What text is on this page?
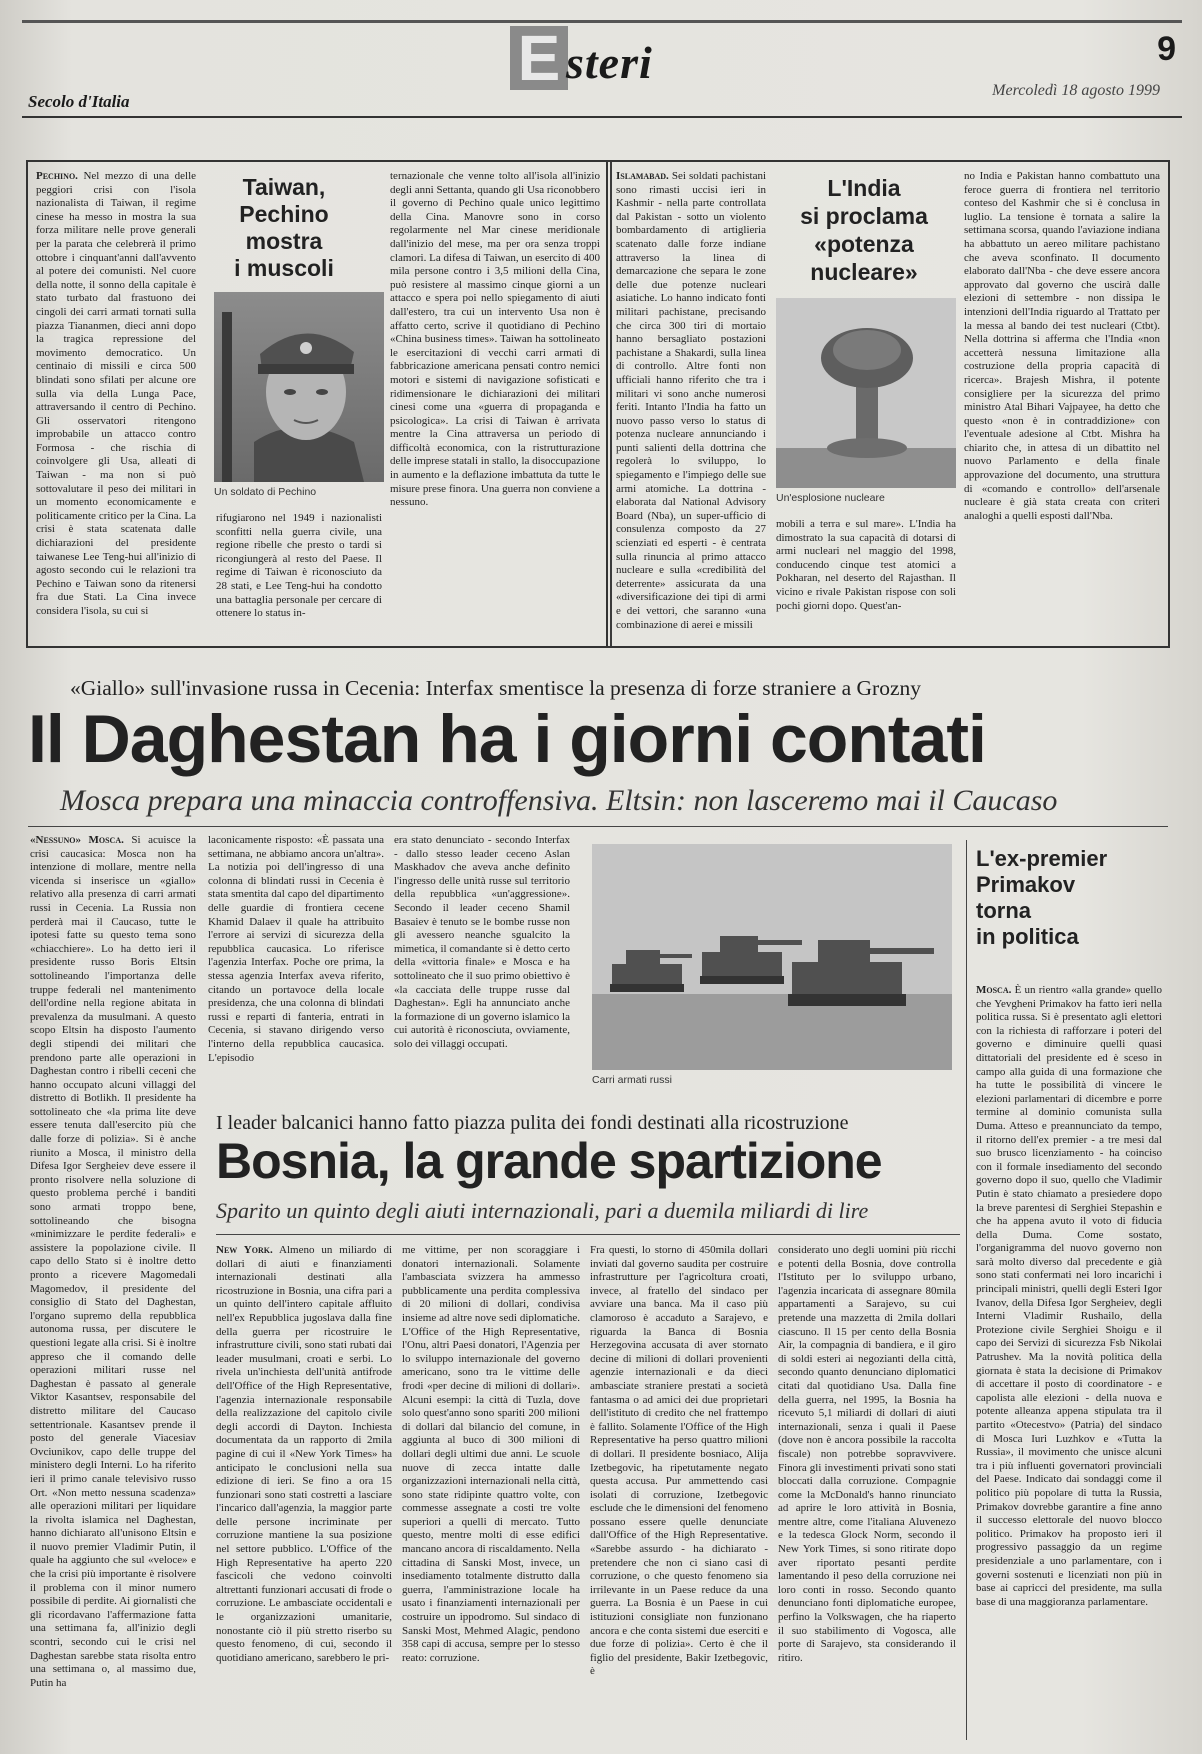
E steri	9
Secolo d'Italia
Mercoledì 18 agosto 1999

Pechino. Nel mezzo di una delle peggiori crisi con l'isola nazionalista di Taiwan, il regime cinese ha messo in mostra la sua forza militare nelle prove generali per la parata che celebrerà il primo ottobre i cinquant'anni dall'avvento al potere dei comunisti. Nel cuore della notte, il sonno della capitale è stato turbato dal frastuono dei cingoli dei carri armati tornati sulla piazza Tiananmen, dieci anni dopo la tragica repressione del movimento democratico. Un centinaio di missili e circa 500 blindati sono sfilati per alcune ore sulla via della Lunga Pace, attraversando il centro di Pechino. Gli osservatori ritengono improbabile un attacco contro Formosa - che rischia di coinvolgere gli Usa, alleati di Taiwan - ma non si può sottovalutare il peso dei militari in un momento economicamente e politicamente critico per la Cina. La crisi è stata scatenata dalle dichiarazioni del presidente taiwanese Lee Teng-hui all'inizio di agosto secondo cui le relazioni tra Pechino e Taiwan sono da ritenersi fra due Stati. La Cina invece considera l'isola, su cui si

Taiwan,
Pechino
mostra
i muscoli
Un soldato di Pechino

rifugiarono nel 1949 i nazionalisti sconfitti nella guerra civile, una regione ribelle che presto o tardi si ricongiungerà al resto del Paese. Il regime di Taiwan è riconosciuto da 28 stati, e Lee Teng-hui ha condotto una battaglia personale per cercare di ottenere lo status in-

ternazionale che venne tolto all'isola all'inizio degli anni Settanta, quando gli Usa riconobbero il governo di Pechino quale unico legittimo della Cina. Manovre sono in corso regolarmente nel Mar cinese meridionale dall'inizio del mese, ma per ora senza troppi clamori. La difesa di Taiwan, un esercito di 400 mila persone contro i 3,5 milioni della Cina, può resistere al massimo cinque giorni a un attacco e spera poi nello spiegamento di aiuti dall'estero, tra cui un intervento Usa non è affatto certo, scrive il quotidiano di Pechino «China business times». Taiwan ha sottolineato le esercitazioni di vecchi carri armati di fabbricazione americana pensati contro nemici motori e sistemi di navigazione sofisticati e ridimensionare le dichiarazioni dei militari cinesi come una «guerra di propaganda e psicologica». La crisi di Taiwan è arrivata mentre la Cina attraversa un periodo di difficoltà economica, con la ristrutturazione delle imprese statali in stallo, la disoccupazione in aumento e la deflazione imbattuta da tutte le misure prese finora. Una guerra non conviene a nessuno.

Islamabad. Sei soldati pachistani sono rimasti uccisi ieri in Kashmir - nella parte controllata dal Pakistan - sotto un violento bombardamento di artiglieria scatenato dalle forze indiane attraverso la linea di demarcazione che separa le zone delle due potenze nucleari asiatiche. Lo hanno indicato fonti militari pachistane, precisando che circa 300 tiri di mortaio hanno bersagliato postazioni pachistane a Shakardi, sulla linea di controllo. Altre fonti non ufficiali hanno riferito che tra i militari vi sono anche numerosi feriti. Intanto l'India ha fatto un nuovo passo verso lo status di potenza nucleare annunciando i punti salienti della dottrina che regolerà lo sviluppo, lo spiegamento e l'impiego delle sue armi atomiche. La dottrina - elaborata dal National Advisory Board (Nba), un super-ufficio di consulenza composto da 27 scienziati ed esperti - è centrata sulla rinuncia al primo attacco nucleare e sulla «credibilità del deterrente» assicurata da una «diversificazione dei tipi di armi e dei vettori, che saranno «una combinazione di aerei e missili

L'India
si proclama
«potenza
nucleare»
Un'esplosione nucleare

mobili a terra e sul mare». L'India ha dimostrato la sua capacità di dotarsi di armi nucleari nel maggio del 1998, conducendo cinque test atomici a Pokharan, nel deserto del Rajasthan. Il vicino e rivale Pakistan rispose con soli pochi giorni dopo. Quest'an-

no India e Pakistan hanno combattuto una feroce guerra di frontiera nel territorio conteso del Kashmir che si è conclusa in luglio. La tensione è tornata a salire la settimana scorsa, quando l'aviazione indiana ha abbattuto un aereo militare pachistano che aveva sconfinato. Il documento elaborato dall'Nba - che deve essere ancora approvato dal governo che uscirà dalle elezioni di settembre - non dissipa le intenzioni dell'India riguardo al Trattato per la messa al bando dei test nucleari (Ctbt). Nella dottrina si afferma che l'India «non accetterà nessuna limitazione alla costruzione della propria capacità di ricerca». Brajesh Mishra, il potente consigliere per la sicurezza del primo ministro Atal Bihari Vajpayee, ha detto che questo «non è in contraddizione» con l'eventuale adesione al Ctbt. Mishra ha chiarito che, in attesa di un dibattito nel nuovo Parlamento e della finale approvazione del documento, una struttura di «comando e controllo» dell'arsenale nucleare è già stata creata con criteri analoghi a quelli esposti dall'Nba.

«Giallo» sull'invasione russa in Cecenia: Interfax smentisce la presenza di forze straniere a Grozny
Il Daghestan ha i giorni contati
Mosca prepara una minaccia controffensiva. Eltsin: non lasceremo mai il Caucaso

«Nessuno» Mosca. Si acuisce la crisi caucasica: Mosca non ha intenzione di mollare, mentre nella vicenda si inserisce un «giallo» relativo alla presenza di carri armati russi in Cecenia. La Russia non perderà mai il Caucaso, tutte le ipotesi fatte su questo tema sono «chiacchiere». Lo ha detto ieri il presidente russo Boris Eltsin sottolineando l'importanza delle truppe federali nel mantenimento dell'ordine nella regione abitata in prevalenza da musulmani. A questo scopo Eltsin ha disposto l'aumento degli stipendi dei militari che prendono parte alle operazioni in Daghestan contro i ribelli ceceni che hanno occupato alcuni villaggi del distretto di Botlikh. Il presidente ha sottolineato che «la prima lite deve essere tenuta dall'esercito più che dalle forze di polizia». Si è anche riunito a Mosca, il ministro della Difesa Igor Sergheiev deve essere il pronto risolvere nella soluzione di questo problema perché i banditi sono armati troppo bene, sottolineando che bisogna «minimizzare le perdite federali» e assistere la popolazione civile. Il capo dello Stato si è inoltre detto pronto a ricevere Magomedali Magomedov, il presidente del consiglio di Stato del Daghestan, l'organo supremo della repubblica autonoma russa, per discutere le questioni legate alla crisi. Si è inoltre appreso che il comando delle operazioni militari russe nel Daghestan è passato al generale Viktor Kasantsev, responsabile del distretto militare del Caucaso settentrionale. Kasantsev prende il posto del generale Viacesiav Ovciunikov, capo delle truppe del ministero degli Interni. Lo ha riferito ieri il primo canale televisivo russo Ort. «Non metto nessuna scadenza» alle operazioni militari per liquidare la rivolta islamica nel Daghestan, hanno dichiarato all'unisono Eltsin e il nuovo premier Vladimir Putin, il quale ha aggiunto che sul «veloce» e che la crisi più importante è risolvere il problema con il minor numero possibile di perdite. Ai giornalisti che gli ricordavano l'affermazione fatta una settimana fa, all'inizio degli scontri, secondo cui le crisi nel Daghestan sarebbe stata risolta entro una settimana o, al massimo due, Putin ha

laconicamente risposto: «È passata una settimana, ne abbiamo ancora un'altra». La notizia poi dell'ingresso di una colonna di blindati russi in Cecenia è stata smentita dal capo del dipartimento delle guardie di frontiera cecene Khamid Dalaev il quale ha attribuito l'errore ai servizi di sicurezza della repubblica caucasica. Lo riferisce l'agenzia Interfax. Poche ore prima, la stessa agenzia Interfax aveva riferito, citando un portavoce della locale presidenza, che una colonna di blindati russi e reparti di fanteria, entrati in Cecenia, si stavano dirigendo verso l'interno della repubblica caucasica. L'episodio

era stato denunciato - secondo Interfax - dallo stesso leader ceceno Aslan Maskhadov che aveva anche definito l'ingresso delle unità russe sul territorio della repubblica «un'aggressione». Secondo il leader ceceno Shamil Basaiev è tenuto se le bombe russe non gli avessero neanche sgualcito la mimetica, il comandante si è detto certo della «vittoria finale» e Mosca e ha sottolineato che il suo primo obiettivo è «la cacciata delle truppe russe dal Daghestan». Egli ha annunciato anche la formazione di un governo islamico la cui autorità è riconosciuta, ovviamente, solo dei villaggi occupati.

Carri armati russi
L'ex-premier
Primakov
torna
in politica

Mosca. È un rientro «alla grande» quello che Yevgheni Primakov ha fatto ieri nella politica russa. Si è presentato agli elettori con la richiesta di rafforzare i poteri del governo e diminuire quelli quasi dittatoriali del presidente ed è sceso in campo alla guida di una formazione che ha tutte le possibilità di vincere le elezioni parlamentari di dicembre e porre termine al dominio comunista sulla Duma. Atteso e preannunciato da tempo, il ritorno dell'ex premier - a tre mesi dal suo brusco licenziamento - ha coinciso con il formale insediamento del secondo governo dopo il suo, quello che Vladimir Putin è stato chiamato a presiedere dopo la breve parentesi di Serghiei Stepashin e che ha appena avuto il voto di fiducia della Duma. Come sostato, l'organigramma del nuovo governo non sarà molto diverso dal precedente e già sono stati confermati nei loro incarichi i principali ministri, quelli degli Esteri Igor Ivanov, della Difesa Igor Sergheiev, degli Interni Vladimir Rushailo, della Protezione civile Serghiei Shoigu e il capo dei Servizi di sicurezza Fsb Nikolai Patrushev. Ma la novità politica della giornata è stata la decisione di Primakov di accettare il posto di coordinatore - e capolista alle elezioni - della nuova e potente alleanza appena stipulata tra il partito «Otecestvo» (Patria) del sindaco di Mosca Iuri Luzhkov e «Tutta la Russia», il movimento che unisce alcuni tra i più influenti governatori provinciali del Paese. Indicato dai sondaggi come il politico più popolare di tutta la Russia, Primakov dovrebbe garantire a fine anno il successo elettorale del nuovo blocco politico. Primakov ha proposto ieri il progressivo passaggio da un regime presidenziale a uno parlamentare, con i governi sostenuti e licenziati non più in base ai capricci del presidente, ma sulla base di una maggioranza parlamentare.

I leader balcanici hanno fatto piazza pulita dei fondi destinati alla ricostruzione
Bosnia, la grande spartizione
Sparito un quinto degli aiuti internazionali, pari a duemila miliardi di lire

New York. Almeno un miliardo di dollari di aiuti e finanziamenti internazionali destinati alla ricostruzione in Bosnia, una cifra pari a un quinto dell'intero capitale affluito nell'ex Repubblica jugoslava dalla fine della guerra per ricostruire le infrastrutture civili, sono stati rubati dai leader musulmani, croati e serbi. Lo rivela un'inchiesta dell'unità antifrode dell'Office of the High Representative, l'agenzia internazionale responsabile della realizzazione del capitolo civile degli accordi di Dayton. Inchiesta documentata da un rapporto di 2mila pagine di cui il «New York Times» ha anticipato le conclusioni nella sua edizione di ieri. Se fino a ora 15 funzionari sono stati costretti a lasciare l'incarico dall'agenzia, la maggior parte delle persone incriminate per corruzione mantiene la sua posizione nel settore pubblico. L'Office of the High Representative ha aperto 220 fascicoli che vedono coinvolti altrettanti funzionari accusati di frode o corruzione. Le ambasciate occidentali e le organizzazioni umanitarie, nonostante ciò il più stretto riserbo su questo fenomeno, di cui, secondo il quotidiano americano, sarebbero le pri-

me vittime, per non scoraggiare i donatori internazionali. Solamente l'ambasciata svizzera ha ammesso pubblicamente una perdita complessiva di 20 milioni di dollari, condivisa insieme ad altre nove sedi diplomatiche. L'Office of the High Representative, l'Onu, altri Paesi donatori, l'Agenzia per lo sviluppo internazionale del governo americano, sono tra le vittime delle frodi «per decine di milioni di dollari». Alcuni esempi: la città di Tuzla, dove solo quest'anno sono spariti 200 milioni di dollari dal bilancio del comune, in aggiunta al buco di 300 milioni di dollari degli ultimi due anni. Le scuole nuove di zecca intatte dalle organizzazioni internazionali nella città, sono state ridipinte quattro volte, con commesse assegnate a costi tre volte superiori a quelli di mercato. Tutto questo, mentre molti di esse edifici mancano ancora di riscaldamento. Nella cittadina di Sanski Most, invece, un insediamento totalmente distrutto dalla guerra, l'amministrazione locale ha usato i finanziamenti internazionali per costruire un ippodromo. Sul sindaco di Sanski Most, Mehmed Alagic, pendono 358 capi di accusa, sempre per lo stesso reato: corruzione.

Fra questi, lo storno di 450mila dollari inviati dal governo saudita per costruire infrastrutture per l'agricoltura croati, invece, al fratello del sindaco per avviare una banca. Ma il caso più clamoroso è accaduto a Sarajevo, e riguarda la Banca di Bosnia Herzegovina accusata di aver stornato decine di milioni di dollari provenienti agenzie internazionali e da dieci ambasciate straniere prestati a società fantasma o ad amici dei due proprietari dell'istituto di credito che nel frattempo è fallito. Solamente l'Office of the High Representative ha perso quattro milioni di dollari. Il presidente bosniaco, Alija Izetbegovic, ha ripetutamente negato questa accusa. Pur ammettendo casi isolati di corruzione, Izetbegovic esclude che le dimensioni del fenomeno possano essere quelle denunciate dall'Office of the High Representative. «Sarebbe assurdo - ha dichiarato - pretendere che non ci siano casi di corruzione, o che questo fenomeno sia irrilevante in un Paese reduce da una guerra. La Bosnia è un Paese in cui istituzioni consigliate non funzionano ancora e che conta sistemi due eserciti e due forze di polizia». Certo è che il figlio del presidente, Bakir Izetbegovic, è

considerato uno degli uomini più ricchi e potenti della Bosnia, dove controlla l'Istituto per lo sviluppo urbano, l'agenzia incaricata di assegnare 80mila appartamenti a Sarajevo, su cui pretende una mazzetta di 2mila dollari ciascuno. Il 15 per cento della Bosnia Air, la compagnia di bandiera, e il giro di soldi esteri ai negozianti della città, secondo quanto denunciano diplomatici citati dal quotidiano Usa. Dalla fine della guerra, nel 1995, la Bosnia ha ricevuto 5,1 miliardi di dollari di aiuti internazionali, senza i quali il Paese (dove non è ancora possibile la raccolta fiscale) non potrebbe sopravvivere. Finora gli investimenti privati sono stati bloccati dalla corruzione. Compagnie come la McDonald's hanno rinunciato ad aprire le loro attività in Bosnia, mentre altre, come l'italiana Aluvenezo e la tedesca Glock Norm, secondo il New York Times, si sono ritirate dopo aver riportato pesanti perdite lamentando il peso della corruzione nei loro conti in rosso. Secondo quanto denunciano fonti diplomatiche europee, perfino la Volkswagen, che ha riaperto il suo stabilimento di Vogosca, alle porte di Sarajevo, sta considerando il ritiro.
